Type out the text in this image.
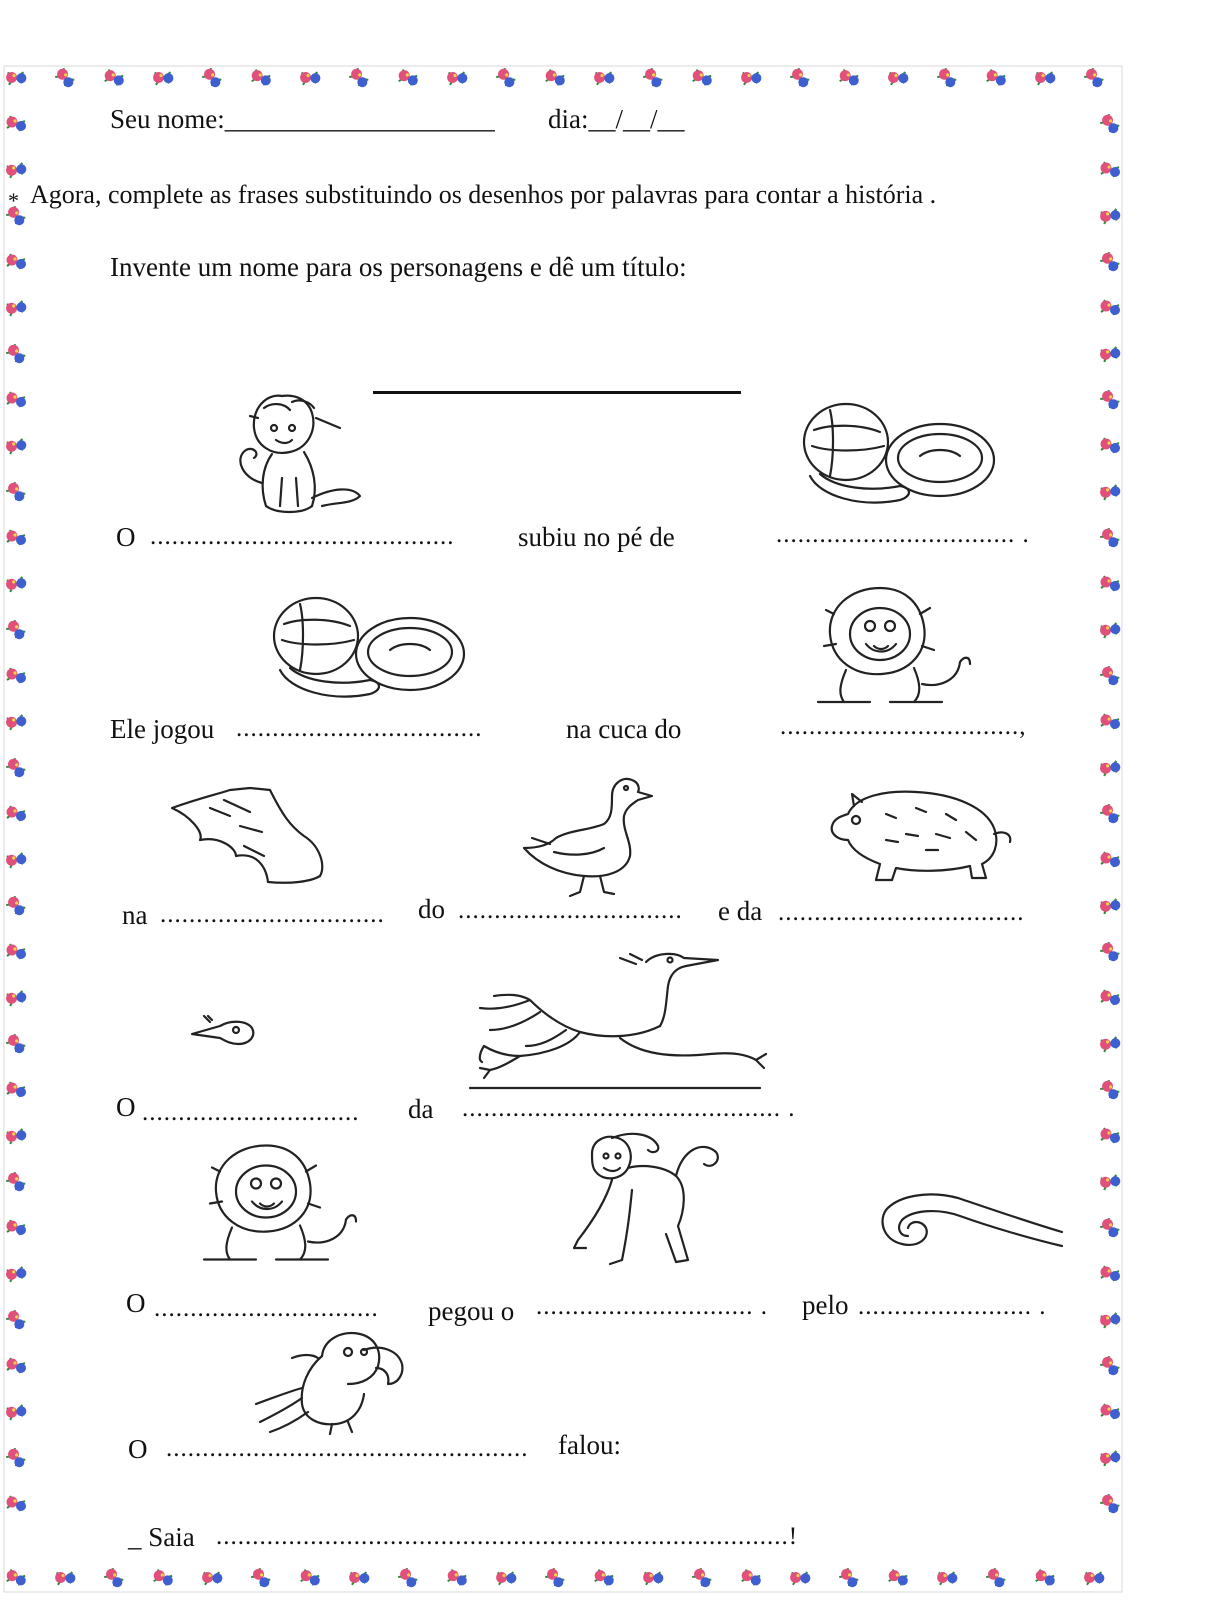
Seu nome:____________________ dia:__/__/__
* Agora, complete as frases substituindo os desenhos por palavras para contar a história .
Invente um nome para os personagens e dê um título:
O .......................................... subiu no pé de	................................. .
Ele jogou ..................................	na cuca do	.................................,
na ............................... do ............................... e da ..................................
O .............................. da ............................................ .
O ............................... pegou o .............................. . pelo ........................ .
O .................................................. falou:
_ Saia ...............................................................................!
